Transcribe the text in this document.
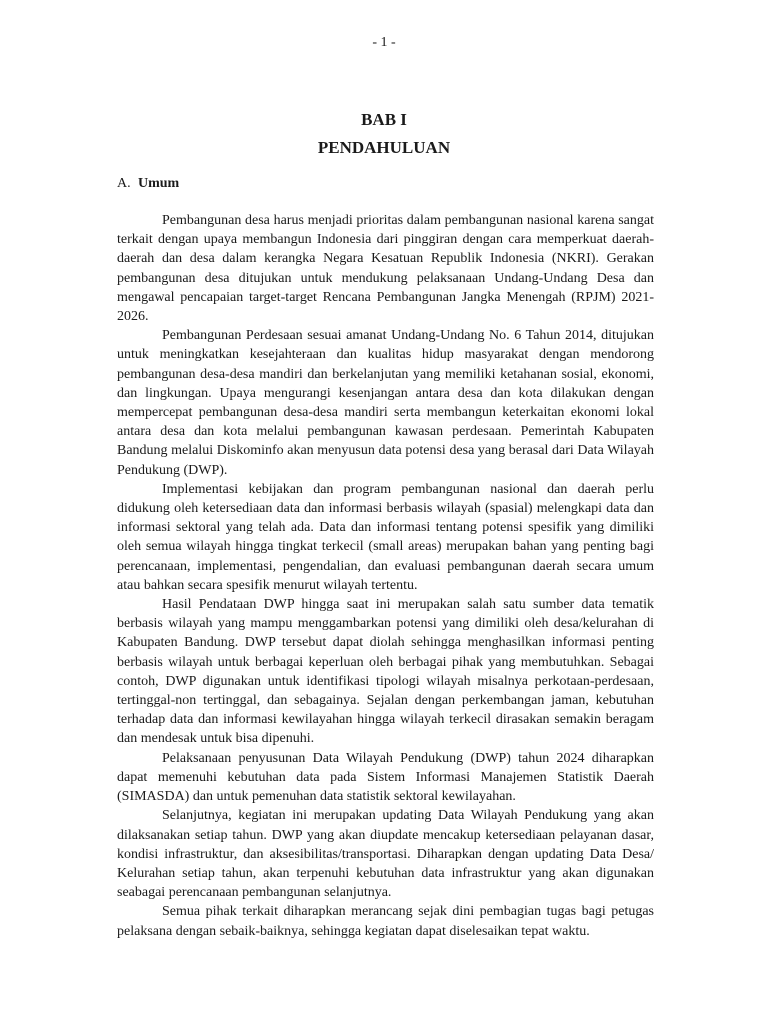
- 1 -
BAB I
PENDAHULUAN
A. Umum

Pembangunan desa harus menjadi prioritas dalam pembangunan nasional karena sangat terkait dengan upaya membangun Indonesia dari pinggiran dengan cara memperkuat daerah-daerah dan desa dalam kerangka Negara Kesatuan Republik Indonesia (NKRI). Gerakan pembangunan desa ditujukan untuk mendukung pelaksanaan Undang-Undang Desa dan mengawal pencapaian target-target Rencana Pembangunan Jangka Menengah (RPJM) 2021-2026.

Pembangunan Perdesaan sesuai amanat Undang-Undang No. 6 Tahun 2014, ditujukan untuk meningkatkan kesejahteraan dan kualitas hidup masyarakat dengan mendorong pembangunan desa-desa mandiri dan berkelanjutan yang memiliki ketahanan sosial, ekonomi, dan lingkungan. Upaya mengurangi kesenjangan antara desa dan kota dilakukan dengan mempercepat pembangunan desa-desa mandiri serta membangun keterkaitan ekonomi lokal antara desa dan kota melalui pembangunan kawasan perdesaan. Pemerintah Kabupaten Bandung melalui Diskominfo akan menyusun data potensi desa yang berasal dari Data Wilayah Pendukung (DWP).

Implementasi kebijakan dan program pembangunan nasional dan daerah perlu didukung oleh ketersediaan data dan informasi berbasis wilayah (spasial) melengkapi data dan informasi sektoral yang telah ada. Data dan informasi tentang potensi spesifik yang dimiliki oleh semua wilayah hingga tingkat terkecil (small areas) merupakan bahan yang penting bagi perencanaan, implementasi, pengendalian, dan evaluasi pembangunan daerah secara umum atau bahkan secara spesifik menurut wilayah tertentu.

Hasil Pendataan DWP hingga saat ini merupakan salah satu sumber data tematik berbasis wilayah yang mampu menggambarkan potensi yang dimiliki oleh desa/kelurahan di Kabupaten Bandung. DWP tersebut dapat diolah sehingga menghasilkan informasi penting berbasis wilayah untuk berbagai keperluan oleh berbagai pihak yang membutuhkan. Sebagai contoh, DWP digunakan untuk identifikasi tipologi wilayah misalnya perkotaan-perdesaan, tertinggal-non tertinggal, dan sebagainya. Sejalan dengan perkembangan jaman, kebutuhan terhadap data dan informasi kewilayahan hingga wilayah terkecil dirasakan semakin beragam dan mendesak untuk bisa dipenuhi.

Pelaksanaan penyusunan Data Wilayah Pendukung (DWP) tahun 2024 diharapkan dapat memenuhi kebutuhan data pada Sistem Informasi Manajemen Statistik Daerah (SIMASDA) dan untuk pemenuhan data statistik sektoral kewilayahan.

Selanjutnya, kegiatan ini merupakan updating Data Wilayah Pendukung yang akan dilaksanakan setiap tahun. DWP yang akan diupdate mencakup ketersediaan pelayanan dasar, kondisi infrastruktur, dan aksesibilitas/transportasi. Diharapkan dengan updating Data Desa/ Kelurahan setiap tahun, akan terpenuhi kebutuhan data infrastruktur yang akan digunakan seabagai perencanaan pembangunan selanjutnya.

Semua pihak terkait diharapkan merancang sejak dini pembagian tugas bagi petugas pelaksana dengan sebaik-baiknya, sehingga kegiatan dapat diselesaikan tepat waktu.
